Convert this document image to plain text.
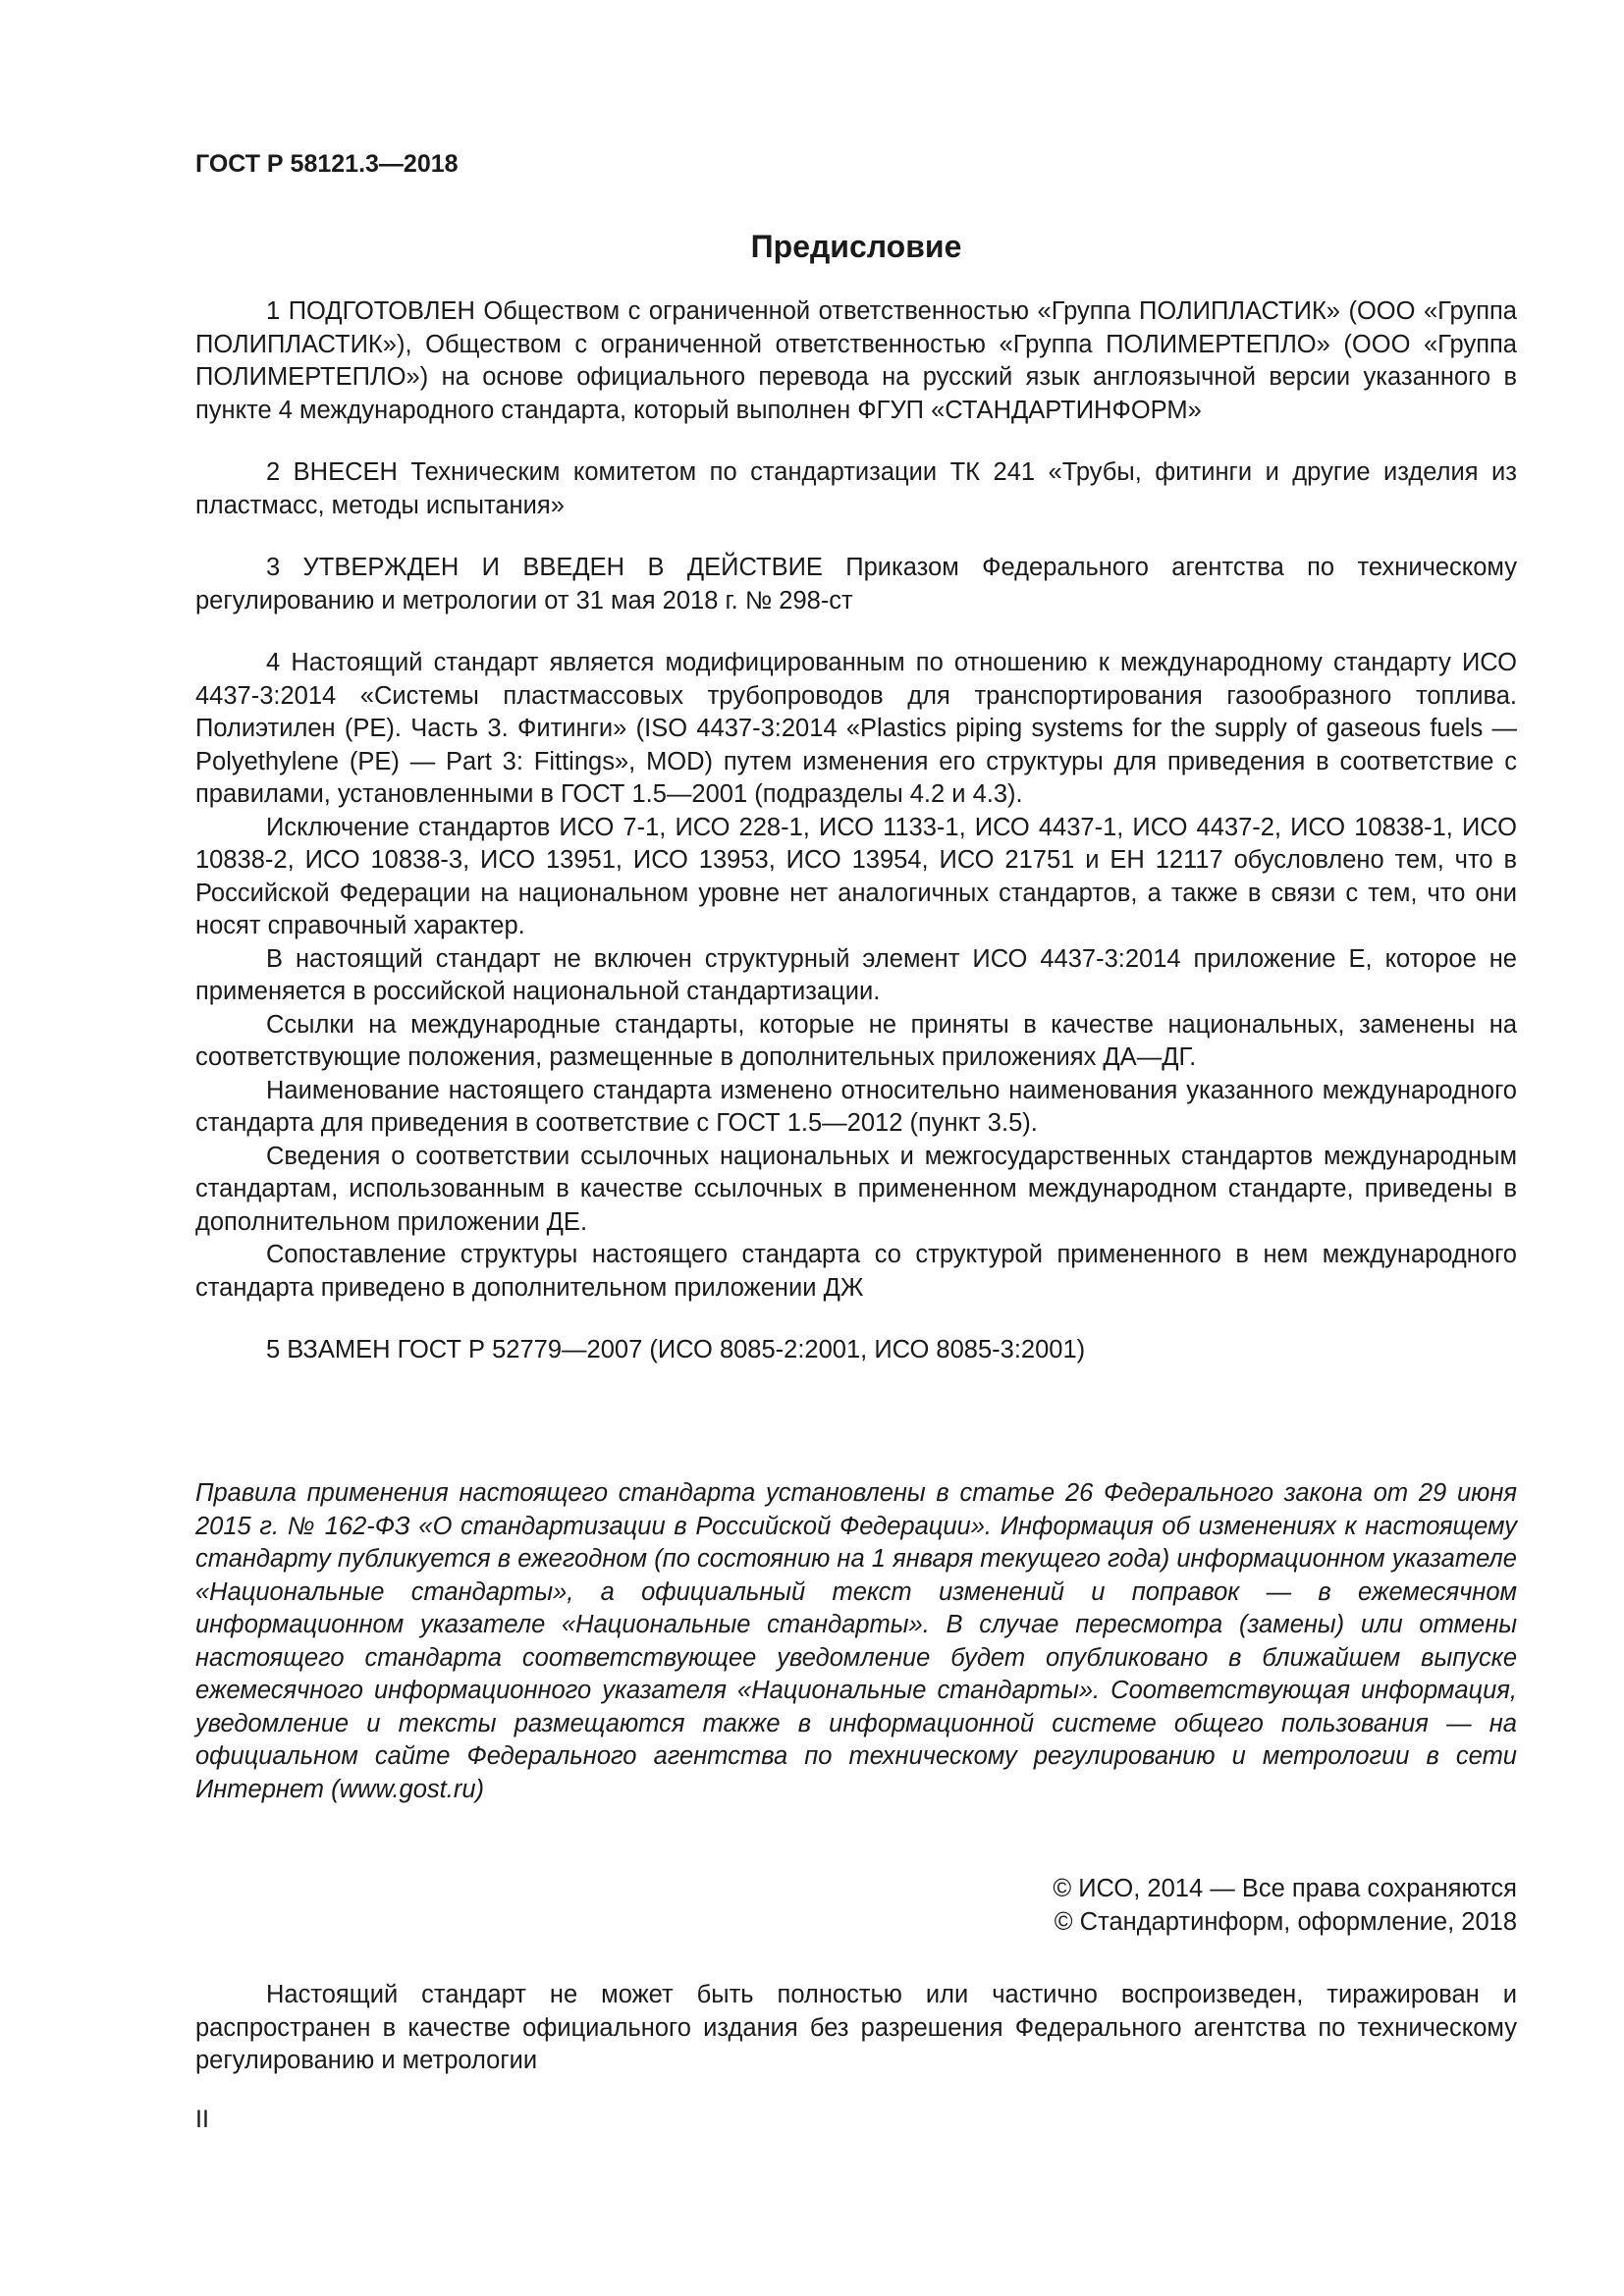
ГОСТ Р 58121.3—2018

Предисловие

1 ПОДГОТОВЛЕН Обществом с ограниченной ответственностью «Группа ПОЛИПЛАСТИК» (ООО «Группа ПОЛИПЛАСТИК»), Обществом с ограниченной ответственностью «Группа ПОЛИМЕРТЕПЛО» (ООО «Группа ПОЛИМЕРТЕПЛО») на основе официального перевода на русский язык англоязычной версии указанного в пункте 4 международного стандарта, который выполнен ФГУП «СТАНДАРТИНФОРМ»

2 ВНЕСЕН Техническим комитетом по стандартизации ТК 241 «Трубы, фитинги и другие изделия из пластмасс, методы испытания»

3 УТВЕРЖДЕН И ВВЕДЕН В ДЕЙСТВИЕ Приказом Федерального агентства по техническому регулированию и метрологии от 31 мая 2018 г. № 298-ст

4 Настоящий стандарт является модифицированным по отношению к международному стандарту ИСО 4437-3:2014 «Системы пластмассовых трубопроводов для транспортирования газообразного топлива. Полиэтилен (PE). Часть 3. Фитинги» (ISO 4437-3:2014 «Plastics piping systems for the supply of gaseous fuels — Polyethylene (PE) — Part 3: Fittings», MOD) путем изменения его структуры для приведения в соответствие с правилами, установленными в ГОСТ 1.5—2001 (подразделы 4.2 и 4.3).

Исключение стандартов ИСО 7-1, ИСО 228-1, ИСО 1133-1, ИСО 4437-1, ИСО 4437-2, ИСО 10838-1, ИСО 10838-2, ИСО 10838-3, ИСО 13951, ИСО 13953, ИСО 13954, ИСО 21751 и ЕН 12117 обусловлено тем, что в Российской Федерации на национальном уровне нет аналогичных стандартов, а также в связи с тем, что они носят справочный характер.

В настоящий стандарт не включен структурный элемент ИСО 4437-3:2014 приложение Е, которое не применяется в российской национальной стандартизации.

Ссылки на международные стандарты, которые не приняты в качестве национальных, заменены на соответствующие положения, размещенные в дополнительных приложениях ДА—ДГ.

Наименование настоящего стандарта изменено относительно наименования указанного международного стандарта для приведения в соответствие с ГОСТ 1.5—2012 (пункт 3.5).

Сведения о соответствии ссылочных национальных и межгосударственных стандартов международным стандартам, использованным в качестве ссылочных в примененном международном стандарте, приведены в дополнительном приложении ДЕ.

Сопоставление структуры настоящего стандарта со структурой примененного в нем международного стандарта приведено в дополнительном приложении ДЖ

5 ВЗАМЕН ГОСТ Р 52779—2007 (ИСО 8085-2:2001, ИСО 8085-3:2001)

Правила применения настоящего стандарта установлены в статье 26 Федерального закона от 29 июня 2015 г. № 162-ФЗ «О стандартизации в Российской Федерации». Информация об изменениях к настоящему стандарту публикуется в ежегодном (по состоянию на 1 января текущего года) информационном указателе «Национальные стандарты», а официальный текст изменений и поправок — в ежемесячном информационном указателе «Национальные стандарты». В случае пересмотра (замены) или отмены настоящего стандарта соответствующее уведомление будет опубликовано в ближайшем выпуске ежемесячного информационного указателя «Национальные стандарты». Соответствующая информация, уведомление и тексты размещаются также в информационной системе общего пользования — на официальном сайте Федерального агентства по техническому регулированию и метрологии в сети Интернет (www.gost.ru)

© ИСО, 2014 — Все права сохраняются

© Стандартинформ, оформление, 2018

Настоящий стандарт не может быть полностью или частично воспроизведен, тиражирован и распространен в качестве официального издания без разрешения Федерального агентства по техническому регулированию и метрологии

II
